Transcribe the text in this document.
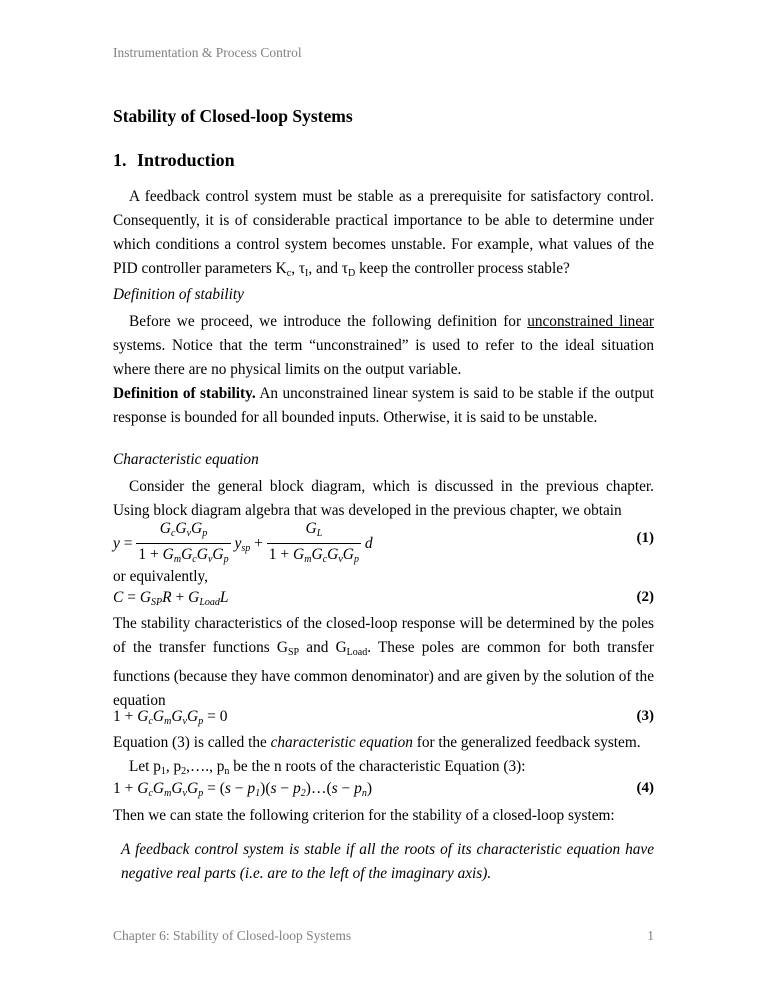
Instrumentation & Process Control
Stability of Closed-loop Systems
1. Introduction
A feedback control system must be stable as a prerequisite for satisfactory control. Consequently, it is of considerable practical importance to be able to determine under which conditions a control system becomes unstable. For example, what values of the PID controller parameters $K_c$, $\tau_I$, and $\tau_D$ keep the controller process stable?
Definition of stability
Before we proceed, we introduce the following definition for unconstrained linear systems. Notice that the term “unconstrained” is used to refer to the ideal situation where there are no physical limits on the output variable.
Definition of stability. An unconstrained linear system is said to be stable if the output response is bounded for all bounded inputs. Otherwise, it is said to be unstable.
Characteristic equation
Consider the general block diagram, which is discussed in the previous chapter. Using block diagram algebra that was developed in the previous chapter, we obtain
$y = \frac{G_cG_vG_p}{1 + G_mG_cG_vG_p} y_{sp} + \frac{G_L}{1 + G_mG_cG_vG_p}$ d	(1)
or equivalently,
$C = G_{SP}R + G_{Load}L$	(2)
The stability characteristics of the closed-loop response will be determined by the poles of the transfer functions $G_{SP}$ and $G_{Load}$. These poles are common for both transfer functions (because they have common denominator) and are given by the solution of the equation
$1 + G_cG_mG_vG_p = 0$	(3)
Equation (3) is called the characteristic equation for the generalized feedback system.
Let $p_1$, $p_2,\dots$., $p_n$ be the n roots of the characteristic Equation (3):
$1 + G_cG_mG_vG_p = (s - p_1)(s$ − $p_2)\dots(s - p_n)$	(4)
Then we can state the following criterion for the stability of a closed-loop system:
A feedback control system is stable if all the roots of its characteristic equation have negative real parts (i.e. are to the left of the imaginary axis).
Chapter 6: Stability of Closed-loop Systems	1
